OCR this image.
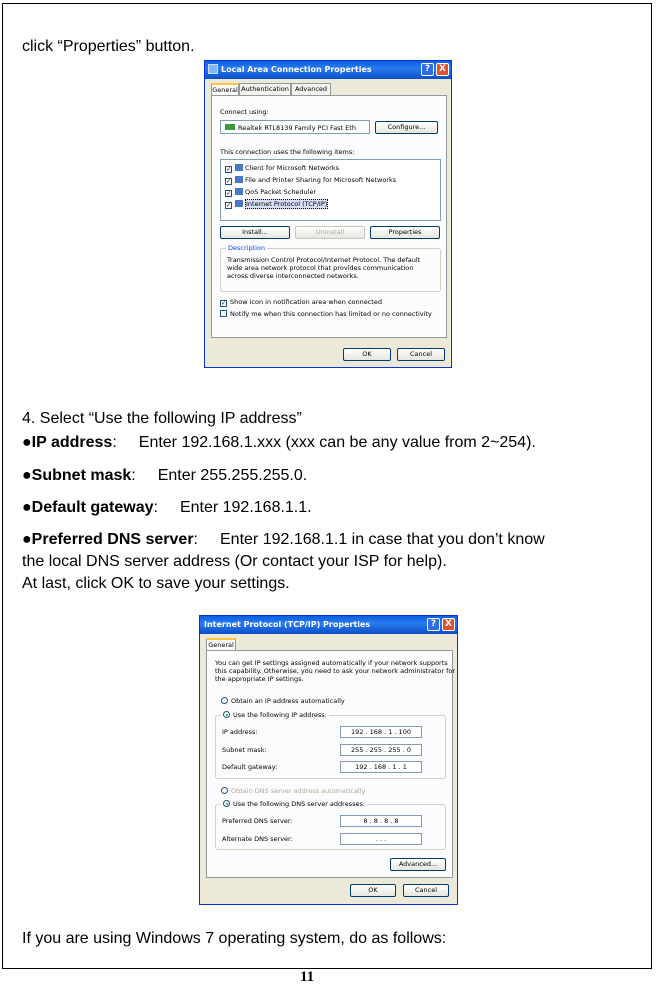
click “Properties” button.
Local Area Connection Properties	? X
General Authentication Advanced
Connect using:
Realtek RTL8139 Family PCI Fast Eth	Configure...
This connection uses the following items:
✓ Client for Microsoft Networks
✓ File and Printer Sharing for Microsoft Networks
✓ QoS Packet Scheduler
✓ Internet Protocol (TCP/IP)
Install...	Uninstall	Properties
Description
Transmission Control Protocol/Internet Protocol. The default
wide area network protocol that provides communication
across diverse interconnected networks.
✓ Show icon in notification area when connected
Notify me when this connection has limited or no connectivity
OK	Cancel
4. Select “Use the following IP address”
●IP address: Enter 192.168.1.xxx (xxx can be any value from 2~254).
●Subnet mask: Enter 255.255.255.0.
●Default gateway: Enter 192.168.1.1.
●Preferred DNS server: Enter 192.168.1.1 in case that you don’t know
the local DNS server address (Or contact your ISP for help).
At last, click OK to save your settings.
Internet Protocol (TCP/IP) Properties	? X
General
You can get IP settings assigned automatically if your network supports
this capability. Otherwise, you need to ask your network administrator for
the appropriate IP settings.
Obtain an IP address automatically
Use the following IP address:
IP address:	192 . 168 . 1 . 100
Subnet mask:	255 . 255 . 255 . 0
Default gateway:	192 . 168 . 1 . 1
Obtain DNS server address automatically
Use the following DNS server addresses:
Preferred DNS server:	8 . 8 . 8 . 8
Alternate DNS server:	. . .
Advanced...
OK	Cancel
If you are using Windows 7 operating system, do as follows:
11
